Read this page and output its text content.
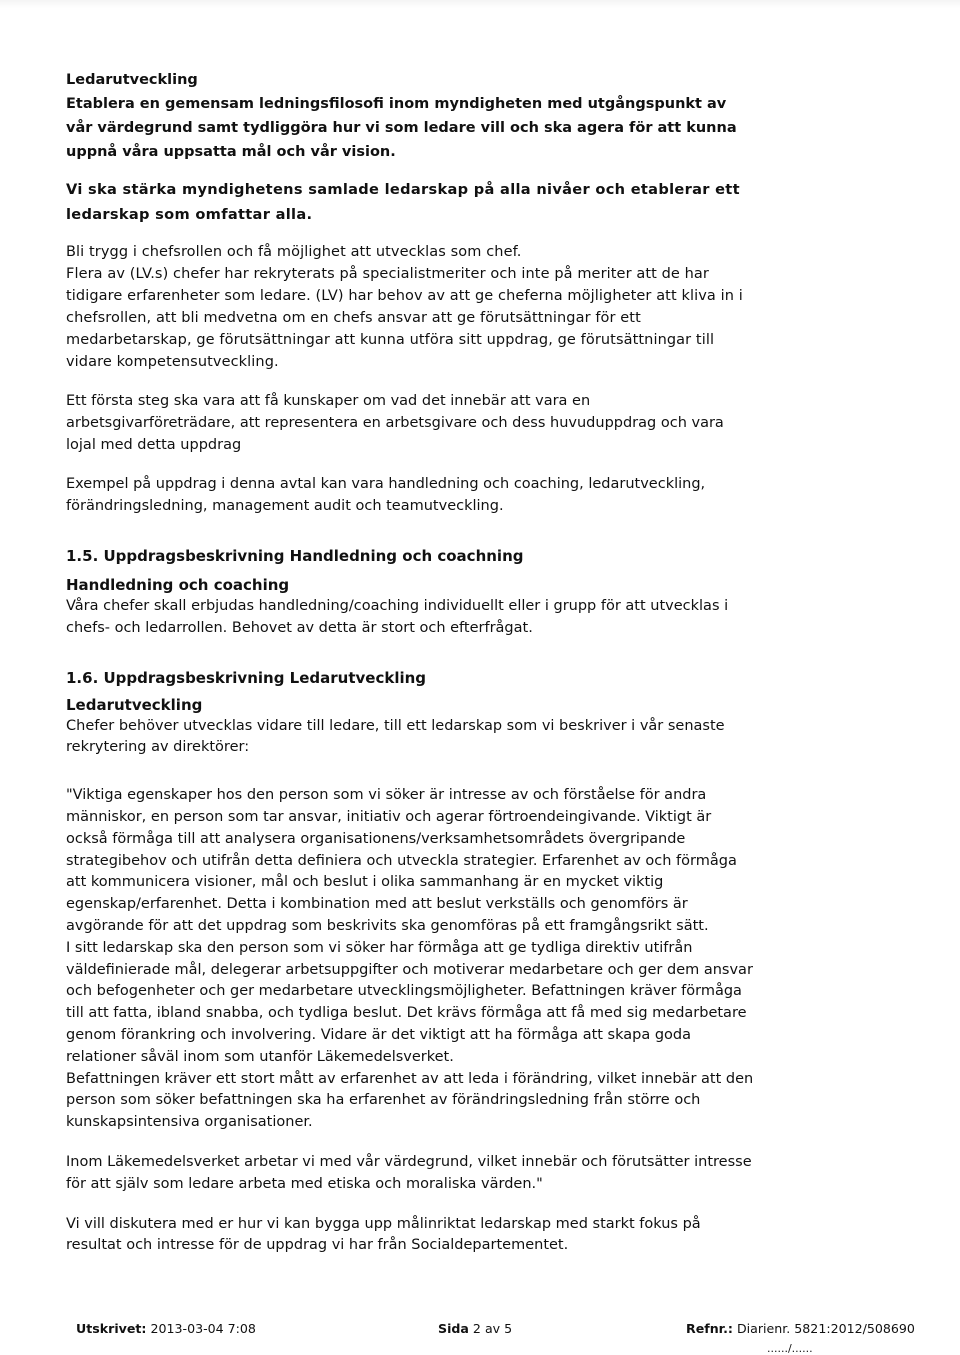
Ledarutveckling

Etablera en gemensam ledningsfilosofi inom myndigheten med utgångspunkt av vår värdegrund samt tydliggöra hur vi som ledare vill och ska agera för att kunna uppnå våra uppsatta mål och vår vision.

Vi ska stärka myndighetens samlade ledarskap på alla nivåer och etablerar ett ledarskap som omfattar alla.

Bli trygg i chefsrollen och få möjlighet att utvecklas som chef.

Flera av (LV.s) chefer har rekryterats på specialistmeriter och inte på meriter att de har tidigare erfarenheter som ledare. (LV) har behov av att ge cheferna möjligheter att kliva in i chefsrollen, att bli medvetna om en chefs ansvar att ge förutsättningar för ett medarbetarskap, ge förutsättningar att kunna utföra sitt uppdrag, ge förutsättningar till vidare kompetensutveckling.

Ett första steg ska vara att få kunskaper om vad det innebär att vara en arbetsgivarföreträdare, att representera en arbetsgivare och dess huvuduppdrag och vara lojal med detta uppdrag

Exempel på uppdrag i denna avtal kan vara handledning och coaching, ledarutveckling, förändringsledning, management audit och teamutveckling.

1.5. Uppdragsbeskrivning Handledning och coachning

Handledning och coaching

Våra chefer skall erbjudas handledning/coaching individuellt eller i grupp för att utvecklas i chefs- och ledarrollen. Behovet av detta är stort och efterfrågat.

1.6. Uppdragsbeskrivning Ledarutveckling

Ledarutveckling

Chefer behöver utvecklas vidare till ledare, till ett ledarskap som vi beskriver i vår senaste rekrytering av direktörer:

"Viktiga egenskaper hos den person som vi söker är intresse av och förståelse för andra människor, en person som tar ansvar, initiativ och agerar förtroendeingivande. Viktigt är också förmåga till att analysera organisationens/verksamhetsområdets övergripande strategibehov och utifrån detta definiera och utveckla strategier. Erfarenhet av och förmåga att kommunicera visioner, mål och beslut i olika sammanhang är en mycket viktig egenskap/erfarenhet. Detta i kombination med att beslut verkställs och genomförs är avgörande för att det uppdrag som beskrivits ska genomföras på ett framgångsrikt sätt.

I sitt ledarskap ska den person som vi söker har förmåga att ge tydliga direktiv utifrån väldefinierade mål, delegerar arbetsuppgifter och motiverar medarbetare och ger dem ansvar och befogenheter och ger medarbetare utvecklingsmöjligheter. Befattningen kräver förmåga till att fatta, ibland snabba, och tydliga beslut. Det krävs förmåga att få med sig medarbetare genom förankring och involvering. Vidare är det viktigt att ha förmåga att skapa goda relationer såväl inom som utanför Läkemedelsverket.

Befattningen kräver ett stort mått av erfarenhet av att leda i förändring, vilket innebär att den person som söker befattningen ska ha erfarenhet av förändringsledning från större och kunskapsintensiva organisationer.

Inom Läkemedelsverket arbetar vi med vår värdegrund, vilket innebär och förutsätter intresse för att själv som ledare arbeta med etiska och moraliska värden."

Vi vill diskutera med er hur vi kan bygga upp målinriktat ledarskap med starkt fokus på resultat och intresse för de uppdrag vi har från Socialdepartementet.

Utskrivet: 2013-03-04 7:08	Sida 2 av 5	Refnr.: Diarienr. 5821:2012/508690
....../......
